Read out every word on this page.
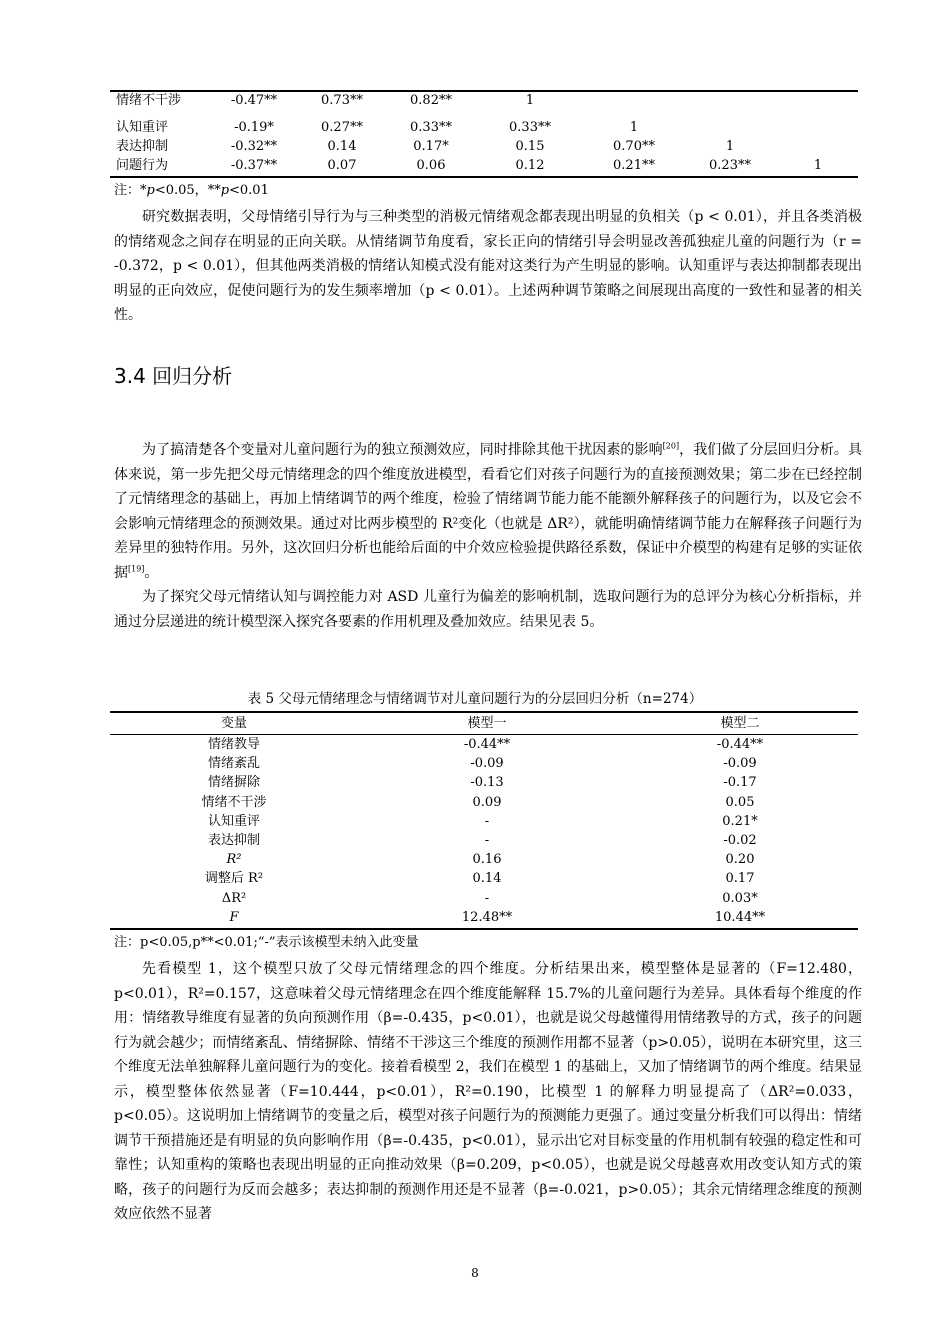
情绪不干涉	-0.47**	0.73**	0.82**	1
认知重评	-0.19*	0.27**	0.33**	0.33**	1
表达抑制	-0.32**	0.14	0.17*	0.15	0.70**	1
问题行为	-0.37**	0.07	0.06	0.12	0.21**	0.23**	1
注：*p<0.05，**p<0.01

研究数据表明，父母情绪引导行为与三种类型的消极元情绪观念都表现出明显的负相关（p < 0.01），并且各类消极的情绪观念之间存在明显的正向关联。从情绪调节角度看，家长正向的情绪引导会明显改善孤独症儿童的问题行为（r = -0.372，p < 0.01），但其他两类消极的情绪认知模式没有能对这类行为产生明显的影响。认知重评与表达抑制都表现出明显的正向效应，促使问题行为的发生频率增加（p < 0.01）。上述两种调节策略之间展现出高度的一致性和显著的相关性。

3.4 回归分析

为了搞清楚各个变量对儿童问题行为的独立预测效应，同时排除其他干扰因素的影响[20]，我们做了分层回归分析。具体来说，第一步先把父母元情绪理念的四个维度放进模型，看看它们对孩子问题行为的直接预测效果；第二步在已经控制了元情绪理念的基础上，再加上情绪调节的两个维度，检验了情绪调节能力能不能额外解释孩子的问题行为，以及它会不会影响元情绪理念的预测效果。通过对比两步模型的 R²变化（也就是 ΔR²），就能明确情绪调节能力在解释孩子问题行为差异里的独特作用。另外，这次回归分析也能给后面的中介效应检验提供路径系数，保证中介模型的构建有足够的实证依据[19]。

为了探究父母元情绪认知与调控能力对 ASD 儿童行为偏差的影响机制，选取问题行为的总评分为核心分析指标，并通过分层递进的统计模型深入探究各要素的作用机理及叠加效应。结果见表 5。

表 5 父母元情绪理念与情绪调节对儿童问题行为的分层回归分析（n=274）
变量	模型一	模型二
情绪教导	-0.44**	-0.44**
情绪紊乱	-0.09	-0.09
情绪摒除	-0.13	-0.17
情绪不干涉	0.09	0.05
认知重评	-	0.21*
表达抑制	-	-0.02
R²	0.16	0.20
调整后 R²	0.14	0.17
ΔR²	-	0.03*
F	12.48**	10.44**
注：p<0.05,p**<0.01;“-”表示该模型未纳入此变量

先看模型 1，这个模型只放了父母元情绪理念的四个维度。分析结果出来，模型整体是显著的（F=12.480，p<0.01），R²=0.157，这意味着父母元情绪理念在四个维度能解释 15.7%的儿童问题行为差异。具体看每个维度的作用：情绪教导维度有显著的负向预测作用（β=-0.435，p<0.01），也就是说父母越懂得用情绪教导的方式，孩子的问题行为就会越少；而情绪紊乱、情绪摒除、情绪不干涉这三个维度的预测作用都不显著（p>0.05），说明在本研究里，这三个维度无法单独解释儿童问题行为的变化。接着看模型 2，我们在模型 1 的基础上，又加了情绪调节的两个维度。结果显示，模型整体依然显著（F=10.444，p<0.01），R²=0.190，比模型 1 的解释力明显提高了（ΔR²=0.033，p<0.05）。这说明加上情绪调节的变量之后，模型对孩子问题行为的预测能力更强了。通过变量分析我们可以得出：情绪调节干预措施还是有明显的负向影响作用（β=-0.435，p<0.01），显示出它对目标变量的作用机制有较强的稳定性和可靠性；认知重构的策略也表现出明显的正向推动效果（β=0.209，p<0.05），也就是说父母越喜欢用改变认知方式的策略，孩子的问题行为反而会越多；表达抑制的预测作用还是不显著（β=-0.021，p>0.05）；其余元情绪理念维度的预测效应依然不显著

8
